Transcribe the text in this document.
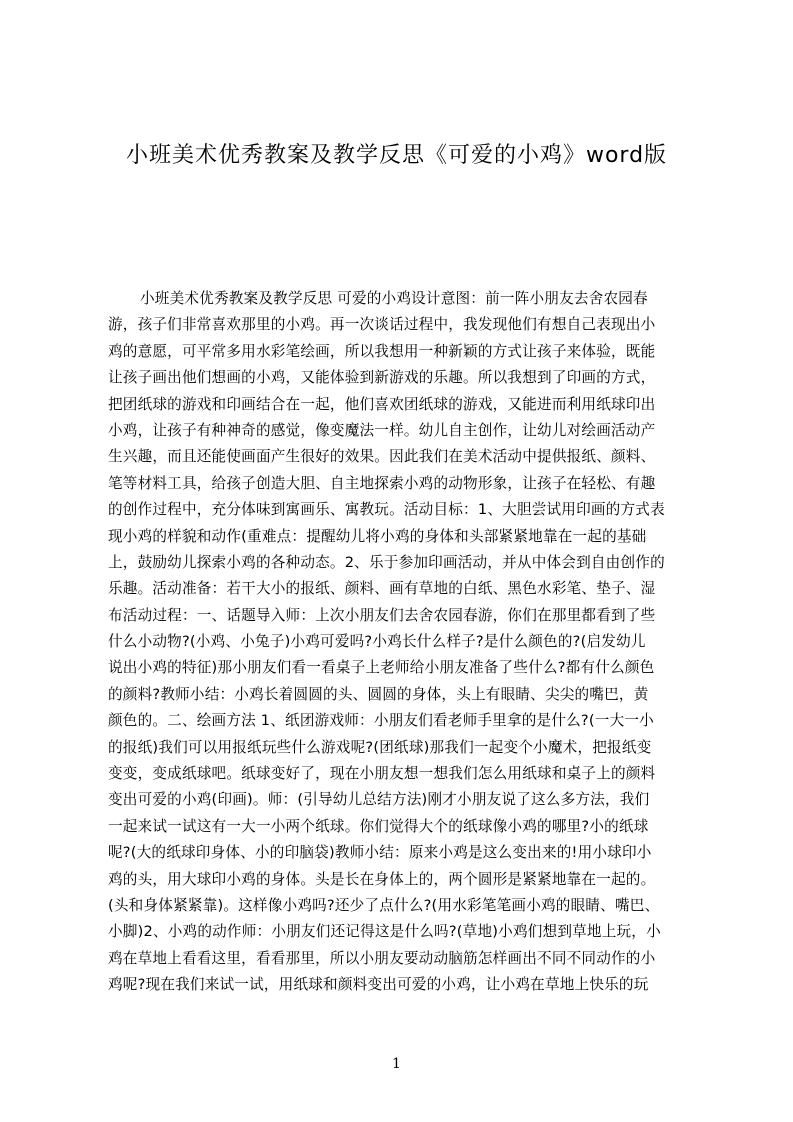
小班美术优秀教案及教学反思《可爱的小鸡》word版
小班美术优秀教案及教学反思 可爱的小鸡设计意图：前一阵小朋友去舍农园春
游，孩子们非常喜欢那里的小鸡。再一次谈话过程中，我发现他们有想自己表现出小
鸡的意愿，可平常多用水彩笔绘画，所以我想用一种新颖的方式让孩子来体验，既能
让孩子画出他们想画的小鸡，又能体验到新游戏的乐趣。所以我想到了印画的方式，
把团纸球的游戏和印画结合在一起，他们喜欢团纸球的游戏，又能进而利用纸球印出
小鸡，让孩子有种神奇的感觉，像变魔法一样。幼儿自主创作，让幼儿对绘画活动产
生兴趣，而且还能使画面产生很好的效果。因此我们在美术活动中提供报纸、颜料、
笔等材料工具，给孩子创造大胆、自主地探索小鸡的动物形象，让孩子在轻松、有趣
的创作过程中，充分体味到寓画乐、寓教玩。活动目标：1、大胆尝试用印画的方式表
现小鸡的样貌和动作(重难点：提醒幼儿将小鸡的身体和头部紧紧地靠在一起的基础
上，鼓励幼儿探索小鸡的各种动态。2、乐于参加印画活动，并从中体会到自由创作的
乐趣。活动准备：若干大小的报纸、颜料、画有草地的白纸、黑色水彩笔、垫子、湿
布活动过程：一、话题导入师：上次小朋友们去舍农园春游，你们在那里都看到了些
什么小动物?(小鸡、小兔子)小鸡可爱吗?小鸡长什么样子?是什么颜色的?(启发幼儿
说出小鸡的特征)那小朋友们看一看桌子上老师给小朋友准备了些什么?都有什么颜色
的颜料?教师小结：小鸡长着圆圆的头、圆圆的身体，头上有眼睛、尖尖的嘴巴，黄
颜色的。二、绘画方法 1、纸团游戏师：小朋友们看老师手里拿的是什么?(一大一小
的报纸)我们可以用报纸玩些什么游戏呢?(团纸球)那我们一起变个小魔术，把报纸变
变变，变成纸球吧。纸球变好了，现在小朋友想一想我们怎么用纸球和桌子上的颜料
变出可爱的小鸡(印画)。师：(引导幼儿总结方法)刚才小朋友说了这么多方法，我们
一起来试一试这有一大一小两个纸球。你们觉得大个的纸球像小鸡的哪里?小的纸球
呢?(大的纸球印身体、小的印脑袋)教师小结：原来小鸡是这么变出来的!用小球印小
鸡的头，用大球印小鸡的身体。头是长在身体上的，两个圆形是紧紧地靠在一起的。
(头和身体紧紧靠)。这样像小鸡吗?还少了点什么?(用水彩笔笔画小鸡的眼睛、嘴巴、
小脚)2、小鸡的动作师：小朋友们还记得这是什么吗?(草地)小鸡们想到草地上玩，小
鸡在草地上看看这里，看看那里，所以小朋友要动动脑筋怎样画出不同不同动作的小
鸡呢?现在我们来试一试，用纸球和颜料变出可爱的小鸡，让小鸡在草地上快乐的玩
1
